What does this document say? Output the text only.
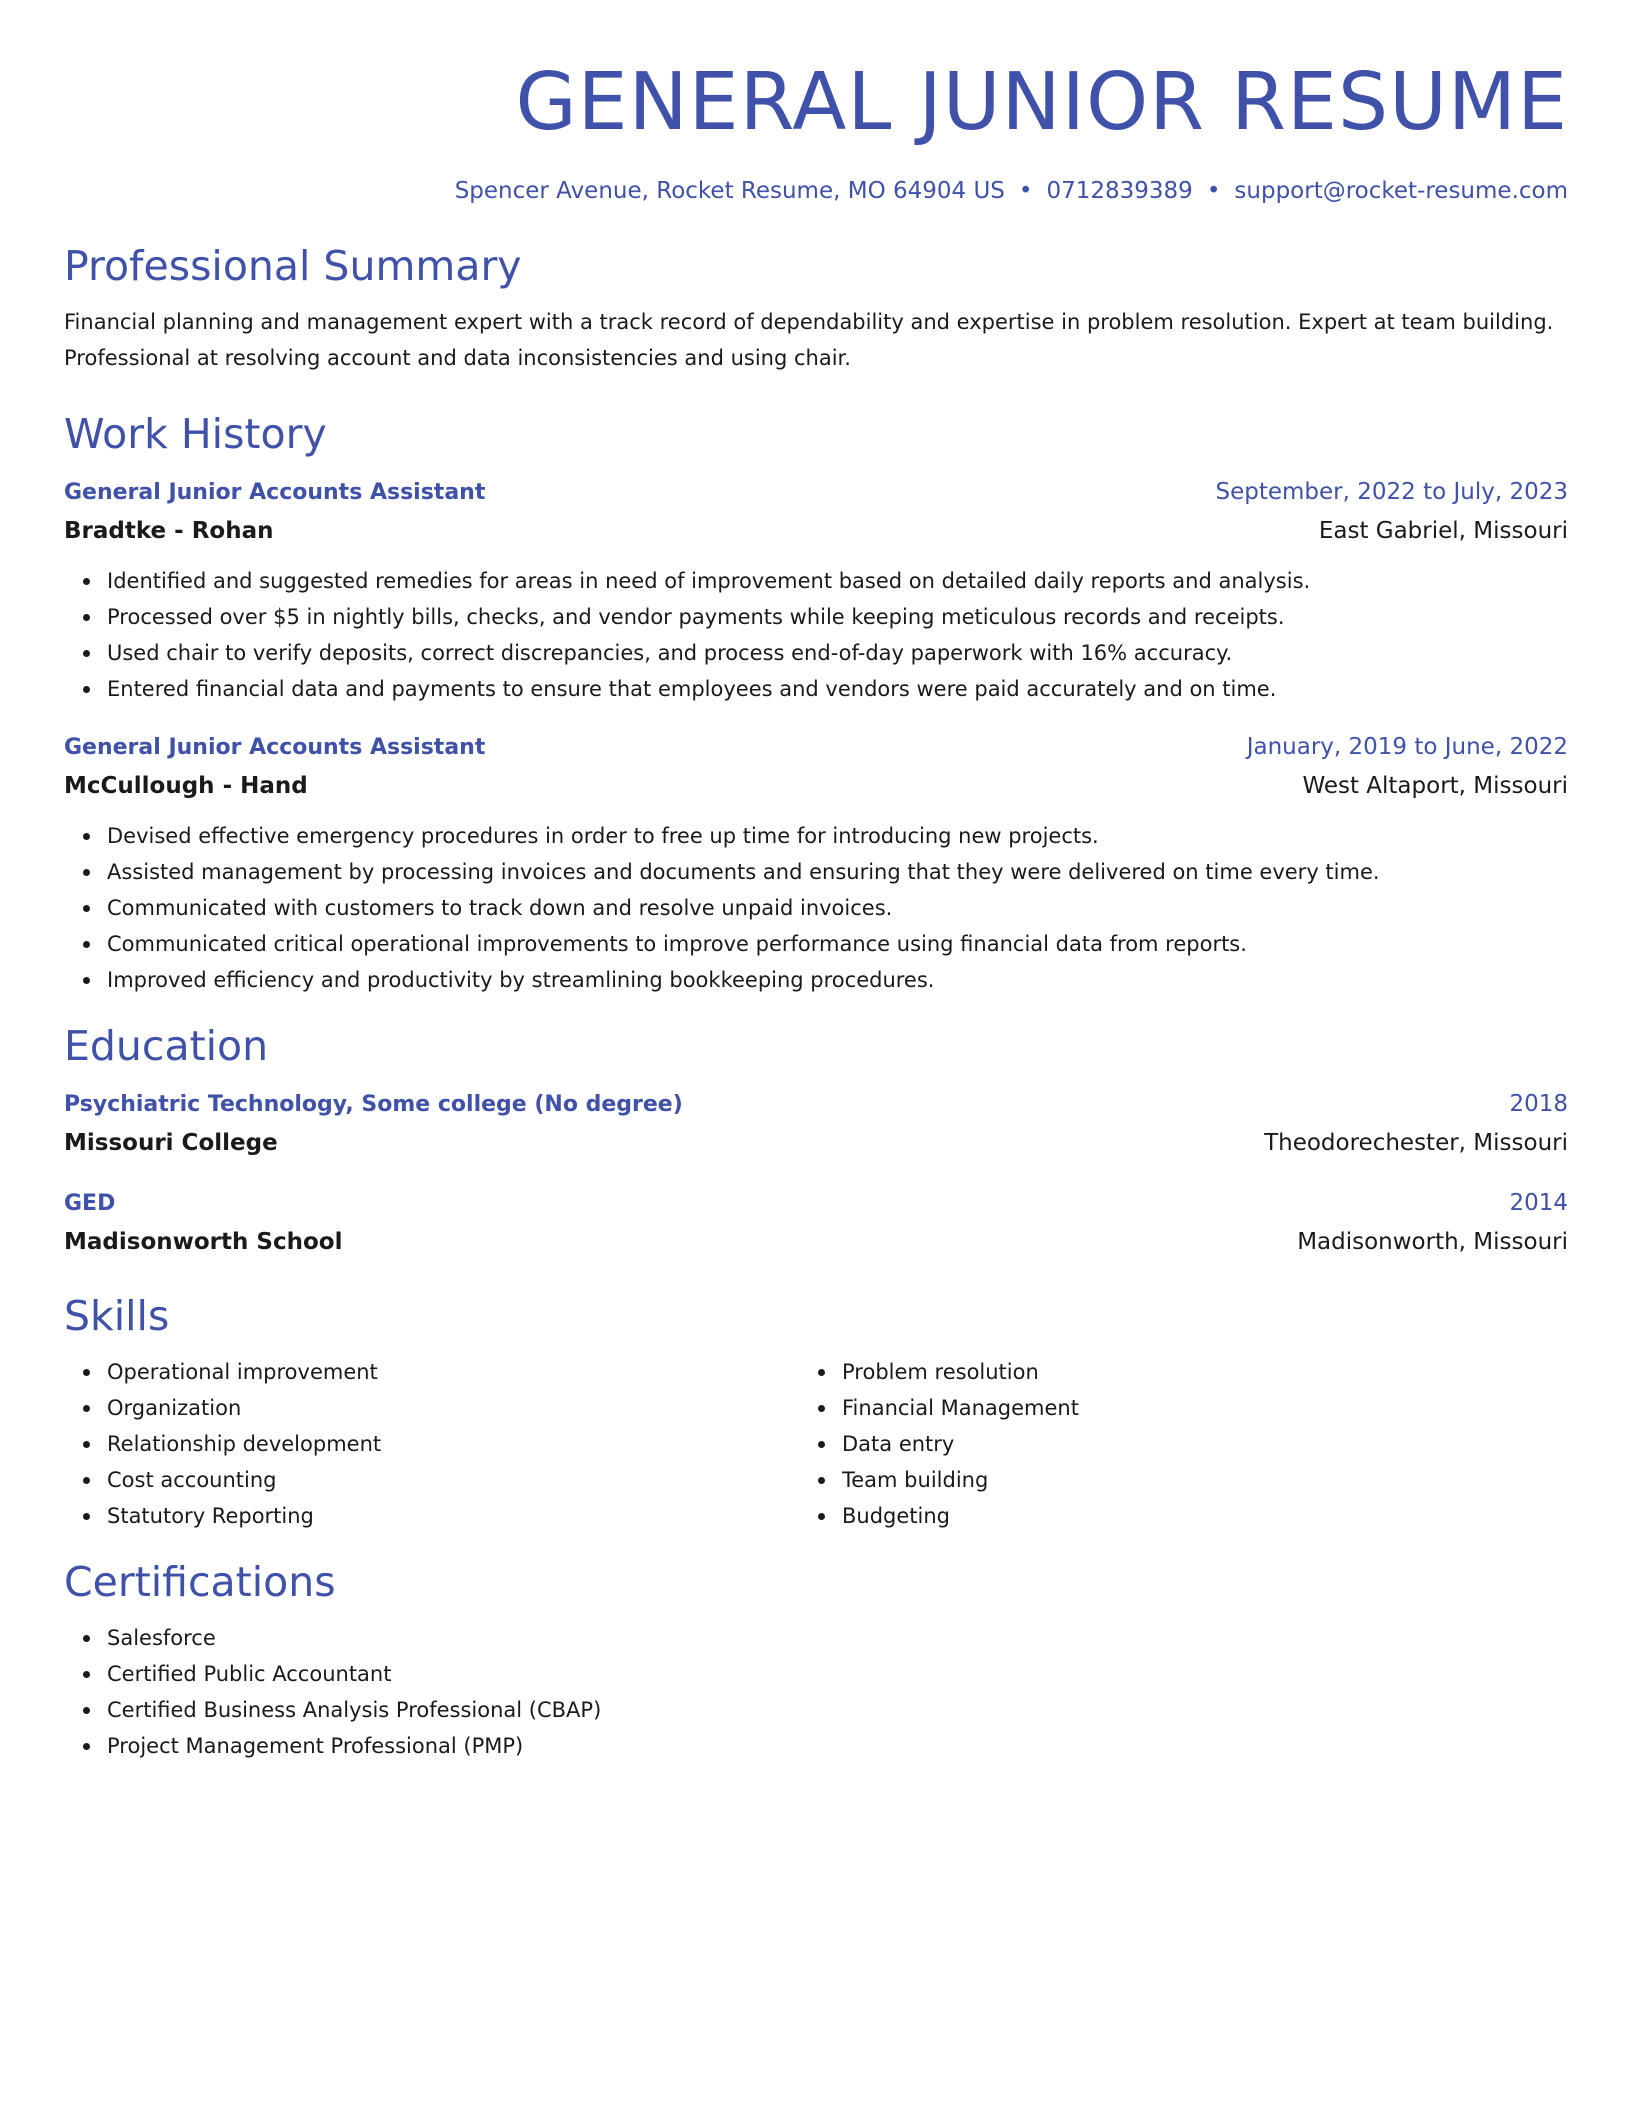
GENERAL JUNIOR RESUME
Spencer Avenue, Rocket Resume, MO 64904 US • 0712839389 • support@rocket-resume.com
Professional Summary
Financial planning and management expert with a track record of dependability and expertise in problem resolution. Expert at team building. Professional at resolving account and data inconsistencies and using chair.
Work History
General Junior Accounts Assistant	September, 2022 to July, 2023
Bradtke - Rohan	East Gabriel, Missouri
Identified and suggested remedies for areas in need of improvement based on detailed daily reports and analysis.
Processed over $5 in nightly bills, checks, and vendor payments while keeping meticulous records and receipts.
Used chair to verify deposits, correct discrepancies, and process end-of-day paperwork with 16% accuracy.
Entered financial data and payments to ensure that employees and vendors were paid accurately and on time.
General Junior Accounts Assistant	January, 2019 to June, 2022
McCullough - Hand	West Altaport, Missouri
Devised effective emergency procedures in order to free up time for introducing new projects.
Assisted management by processing invoices and documents and ensuring that they were delivered on time every time.
Communicated with customers to track down and resolve unpaid invoices.
Communicated critical operational improvements to improve performance using financial data from reports.
Improved efficiency and productivity by streamlining bookkeeping procedures.
Education
Psychiatric Technology, Some college (No degree)	2018
Missouri College	Theodorechester, Missouri
GED	2014
Madisonworth School	Madisonworth, Missouri
Skills
Operational improvement
Organization
Relationship development
Cost accounting
Statutory Reporting
Problem resolution
Financial Management
Data entry
Team building
Budgeting
Certifications
Salesforce
Certified Public Accountant
Certified Business Analysis Professional (CBAP)
Project Management Professional (PMP)
